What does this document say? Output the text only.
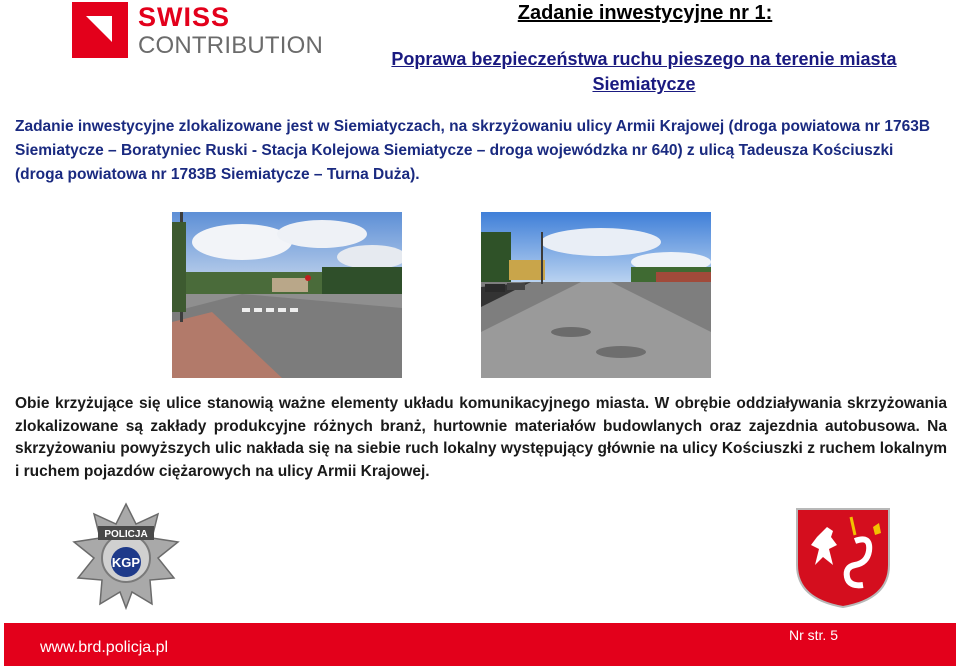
SWISS
CONTRIBUTION
Zadanie inwestycyjne nr 1:
Poprawa bezpieczeństwa ruchu pieszego na terenie miasta Siemiatycze
Zadanie inwestycyjne zlokalizowane jest w Siemiatyczach, na skrzyżowaniu ulicy Armii Krajowej (droga powiatowa nr 1763B Siemiatycze – Boratyniec Ruski - Stacja Kolejowa Siemiatycze – droga wojewódzka nr 640) z ulicą Tadeusza Kościuszki (droga powiatowa nr 1783B Siemiatycze – Turna Duża).
Obie krzyżujące się ulice stanowią ważne elementy układu komunikacyjnego miasta. W obrębie oddziaływania skrzyżowania zlokalizowane są zakłady produkcyjne różnych branż, hurtownie materiałów budowlanych oraz zajezdnia autobusowa. Na skrzyżowaniu powyższych ulic nakłada się na siebie ruch lokalny występujący głównie na ulicy Kościuszki z ruchem lokalnym i ruchem pojazdów ciężarowych na ulicy Armii Krajowej.
POLICJA
KGP
www.brd.policja.pl
Nr str. 5
